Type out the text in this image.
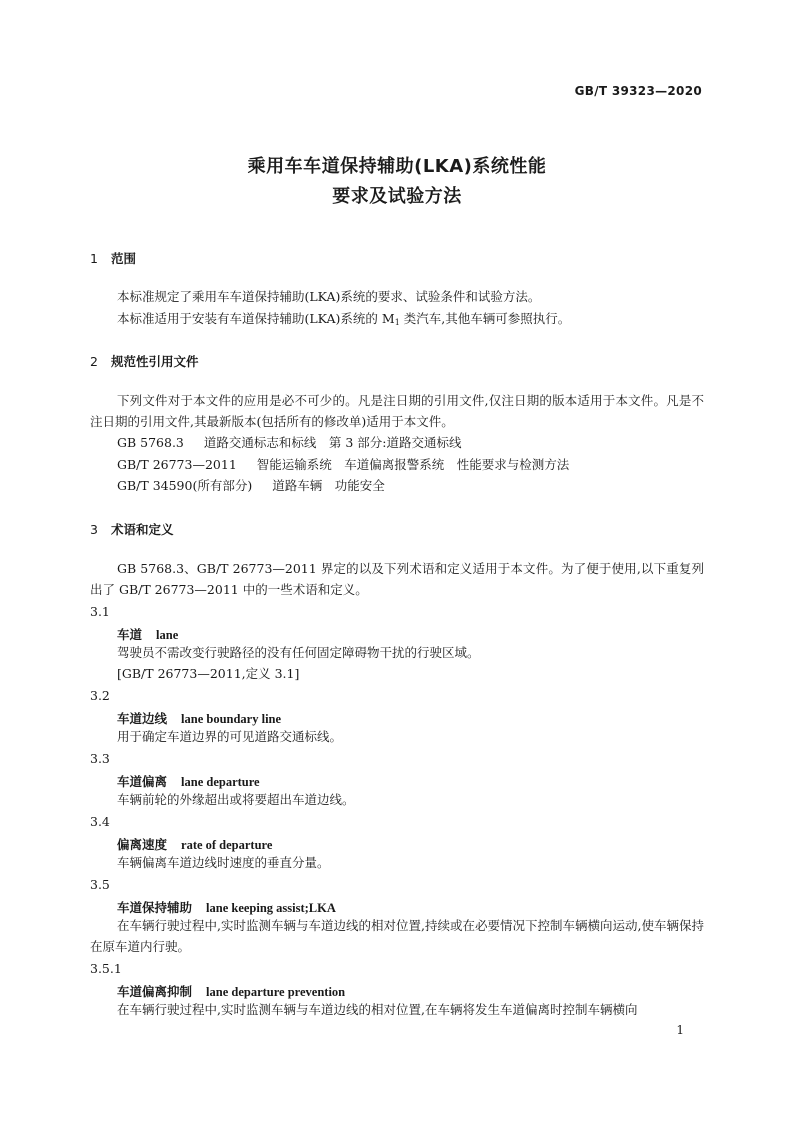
GB/T 39323—2020
乘用车车道保持辅助(LKA)系统性能
要求及试验方法
1 范围
本标准规定了乘用车车道保持辅助(LKA)系统的要求、试验条件和试验方法。
本标准适用于安装有车道保持辅助(LKA)系统的 $M_1$ 类汽车,其他车辆可参照执行。
2 规范性引用文件
下列文件对于本文件的应用是必不可少的。凡是注日期的引用文件,仅注日期的版本适用于本文件。凡是不注日期的引用文件,其最新版本(包括所有的修改单)适用于本文件。
GB 5768.3 道路交通标志和标线　第 3 部分:道路交通标线
GB/T 26773—2011 智能运输系统　车道偏离报警系统　性能要求与检测方法
GB/T 34590(所有部分) 道路车辆　功能安全
3 术语和定义
GB 5768.3、GB/T 26773—2011 界定的以及下列术语和定义适用于本文件。为了便于使用,以下重复列出了 GB/T 26773—2011 中的一些术语和定义。
3.1
车道 lane
驾驶员不需改变行驶路径的没有任何固定障碍物干扰的行驶区域。
[GB/T 26773—2011,定义 3.1]
3.2
车道边线 lane boundary line
用于确定车道边界的可见道路交通标线。
3.3
车道偏离 lane departure
车辆前轮的外缘超出或将要超出车道边线。
3.4
偏离速度 rate of departure
车辆偏离车道边线时速度的垂直分量。
3.5
车道保持辅助 lane keeping assist;LKA
在车辆行驶过程中,实时监测车辆与车道边线的相对位置,持续或在必要情况下控制车辆横向运动,使车辆保持在原车道内行驶。
3.5.1
车道偏离抑制 lane departure prevention
在车辆行驶过程中,实时监测车辆与车道边线的相对位置,在车辆将发生车道偏离时控制车辆横向
1
